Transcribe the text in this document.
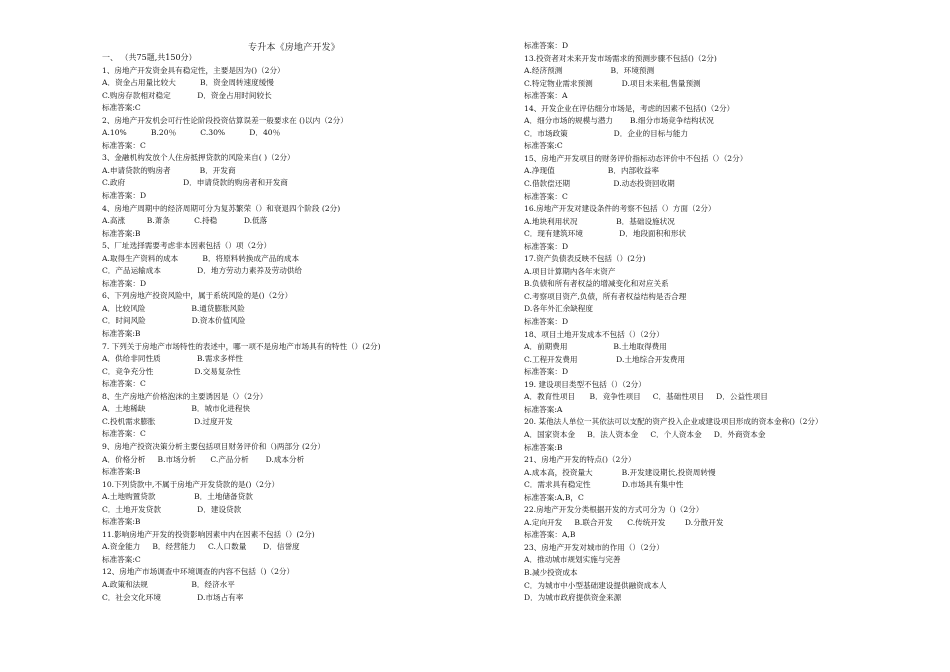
专升本《房地产开发》
一、 （共75题,共150分）
1、房地产开发资金具有稳定性，主要是因为()（2分）
A．资金占用量比较大          B．资金周转速度缓慢
C.购房存款相对稳定           D．资金占用时间较长
标准答案:C
2、房地产开发机会可行性论阶段投资估算误差一般要求在 ()以内（2分）
A.10%          B.20％          C.30%          D．40％
标准答案：C
3、金融机构发放个人住房抵押贷款的风险来自( )（2分）
A.申请贷款的购房者            B．开发商
C.政府                        D．申请贷款的购房者和开发商
标准答案：D
4、房地产周期中的经济周期可分为复苏繁荣（）和衰退四个阶段 (2分)
A.高涨         B.萧条          C.持稳           D.低落
标准答案:B
5、厂址选择需要考虑非本因素包括（）项（2分）
A.取得生产资料的成本          B．将原料转换成产品的成本
C．产品运输成本               D．地方劳动力素养及劳动供给
标准答案：D
6、下列房地产投资风险中，属于系统风险的是()（2分）
A．比较风险                   B.通货膨胀风险
C．时间风险                   D.资本价值风险
标准答案:B
7. 下列关于房地产市场特性的表述中，哪一项不是房地产市场具有的特性（）(2分)
A．供给非同性质               B.需求多样性
C．竞争充分性                 D.交易复杂性
标准答案：C
8、生产房地产价格泡沫的主要诱因是（）（2分）
A．土地稀缺                   B．城市化进程快
C.投机需求膨胀                D.过度开发
标准答案：C
9、房地产投资决策分析主要包括项目财务评价和（)两部分 (2分）
A．价格分析     B.市场分析      C.产品分析       D.成本分析
标准答案:B
10.下列贷款中,不属于房地产开发贷款的是()（2分）
A.土地购置贷款                B．土地储备贷款
C．土地开发贷款               D．建设贷款
标准答案:B
11.影响房地产开发的投资影响因素中内在因素不包括（）(2分)
A.资金能力     B．经营能力     C.人口数量       D．信誉度
标准答案:C
12、房地产市场调查中环境调查的内容不包括（)（2分）
A.政策和法规                  B．经济水平
C．社会文化环境               D.市场占有率
标准答案：D
13.投资者对未来开发市场需求的预测步骤不包括()（2分)
A.经济预测                    B．环境预测
C.特定物业需求预测            D.项目未来租,售量预测
标准答案：A
14、开发企业在评估细分市场是，考虑的因素不包括()（2分）
A．细分市场的规模与潜力       B.细分市场竞争结构状况
C．市场政策                   D．企业的目标与能力
标准答案:C
15、房地产开发项目的财务评价指标动态评价中不包括（）（2分）
A.净现值                      B．内部收益率
C.借款偿还期                  D.动态投资回收期
标准答案：C
16.房地产开发对建设条件的考察不包括（）方面（2分）
A.地块利用状况                B．基础设施状况
C．现有建筑环境               D．地段面积和形状
标准答案：D
17.资产负债表反映不包括（）(2分)
A.项目计算期内各年末资产
B.负债和所有者权益的增减变化和对应关系
C.考察项目资产,负债，所有者权益结构是否合理
D.各年外汇余缺程度
标准答案：D
18、项目土地开发成本不包括（）（2分）
A．前期费用                   B.土地取得费用
C.工程开发费用                D.土地综合开发费用
标准答案：D
19. 建设项目类型不包括（）（2分）
A．教育性项目      B．竞争性项目     C．基础性项目     D．公益性项目
标准答案:A
20. 某他法人单位一其依法可以支配的资产投入企业或建设项目形成的资本金称()（2分）
A．国家资本金     B．法人资本金     C．个人资本金     D．外商资本金
标准答案:B
21、房地产开发的特点()（2分）
A.成本高，投资量大            B.开发建设期长,投资周转慢
C．需求具有稳定性             D.市场具有集中性
标准答案:A,B，C
22.房地产开发分类根据开发的方式可分为（)（2分）
A.定向开发     B.联合开发      C.传统开发        D.分散开发
标准答案：A,B
23、房地产开发对城市的作用（）（2分）
A．推动城市规划实施与完善
B.减少投资成本
C．为城市中小型基础建设提供融资成本人
D．为城市政府提供资金来源
